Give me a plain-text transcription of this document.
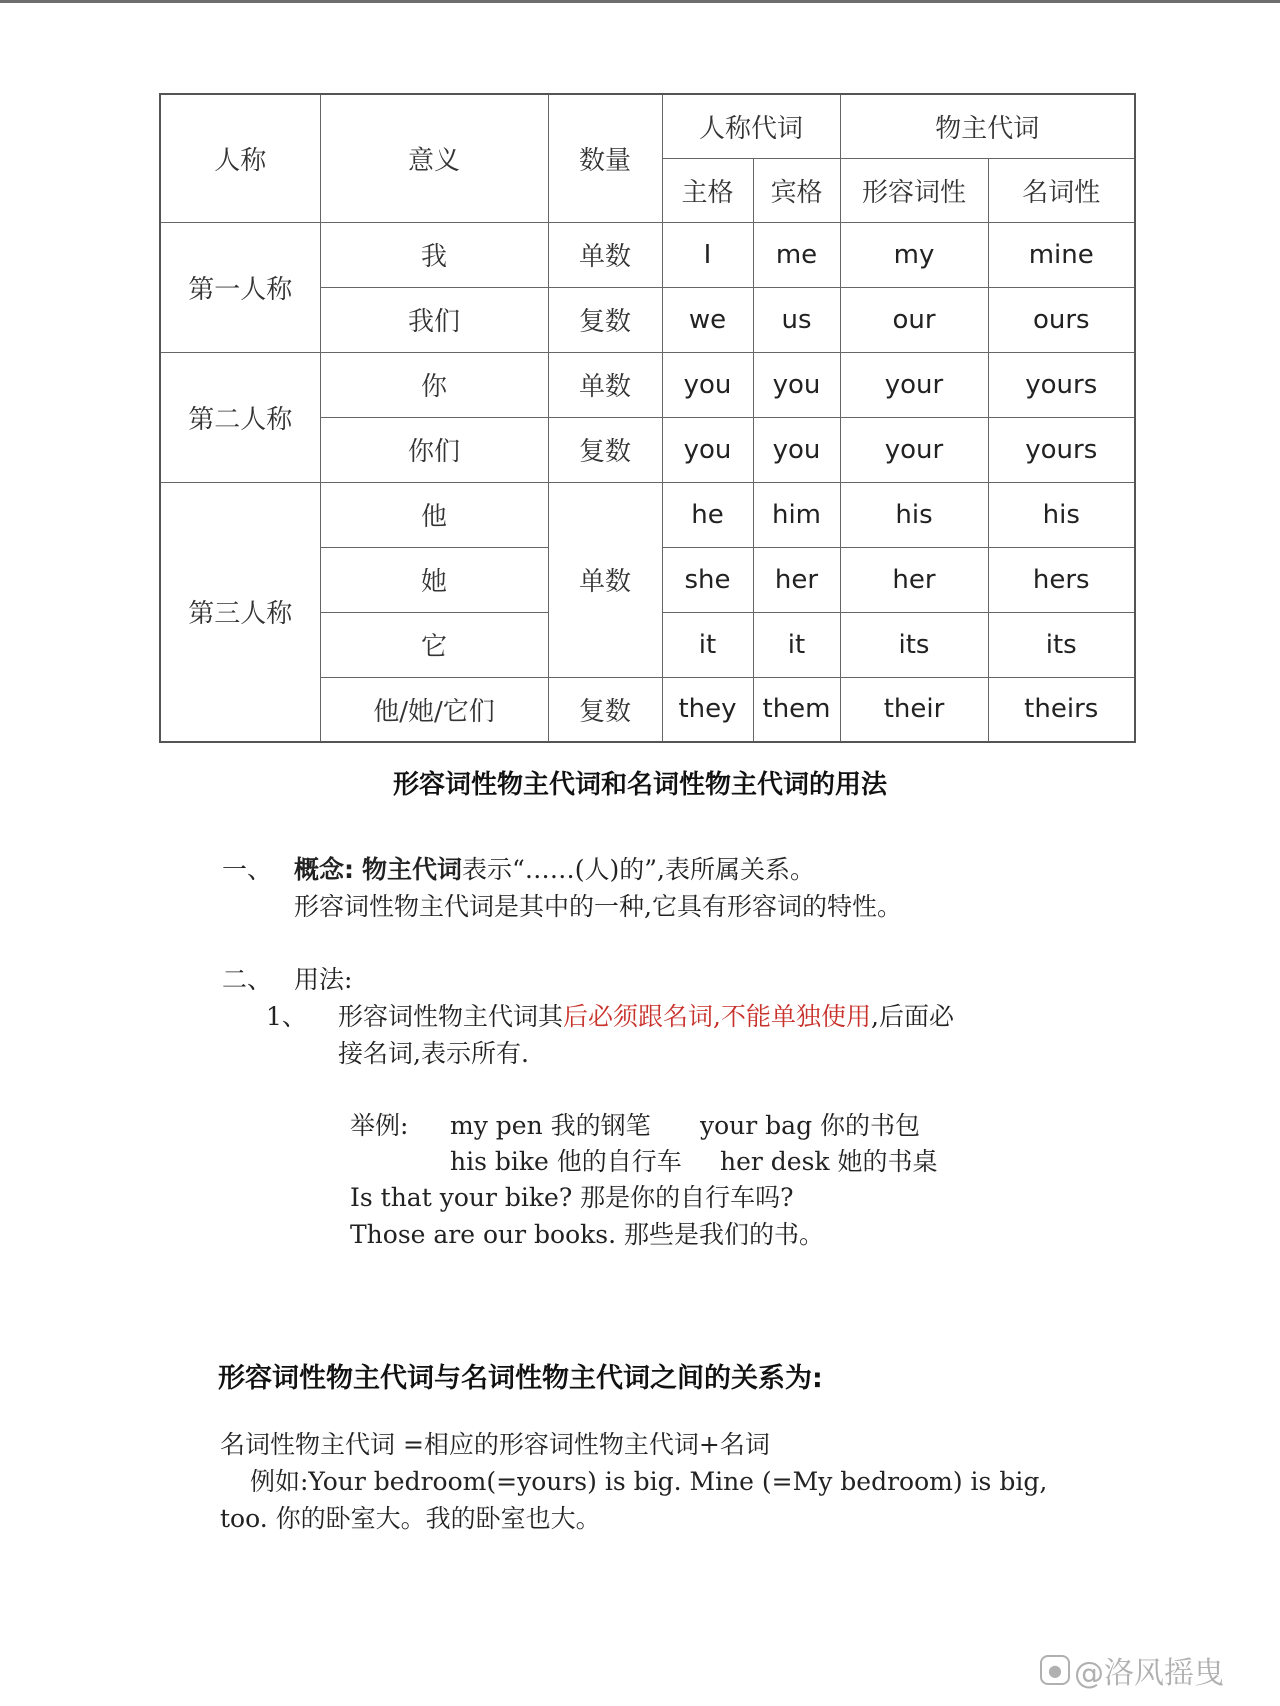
人称	意义	数量	人称代词		物主代词	
			主格	宾格	形容词性	名词性
第一人称	我	单数	I	me	my	mine
	我们	复数	we	us	our	ours
第二人称	你	单数	you	you	your	yours
	你们	复数	you	you	your	yours
第三人称	他	单数	he	him	his	his
	她		she	her	her	hers
	它		it	it	its	its
	他/她/它们	复数	they	them	their	theirs
形容词性物主代词和名词性物主代词的用法
一、 概念: 物主代词表示“……(人)的”,表所属关系。
形容词性物主代词是其中的一种,它具有形容词的特性。
二、 用法:
1、 形容词性物主代词其后必须跟名词,不能单独使用,后面必
接名词,表示所有.
举例: my pen 我的钢笔 your bag 你的书包
his bike 他的自行车 her desk 她的书桌
Is that your bike? 那是你的自行车吗?
Those are our books. 那些是我们的书。
形容词性物主代词与名词性物主代词之间的关系为:
名词性物主代词 =相应的形容词性物主代词+名词
例如:Your bedroom(=yours) is big. Mine (=My bedroom) is big,
too. 你的卧室大。我的卧室也大。
● @洛风摇曳
